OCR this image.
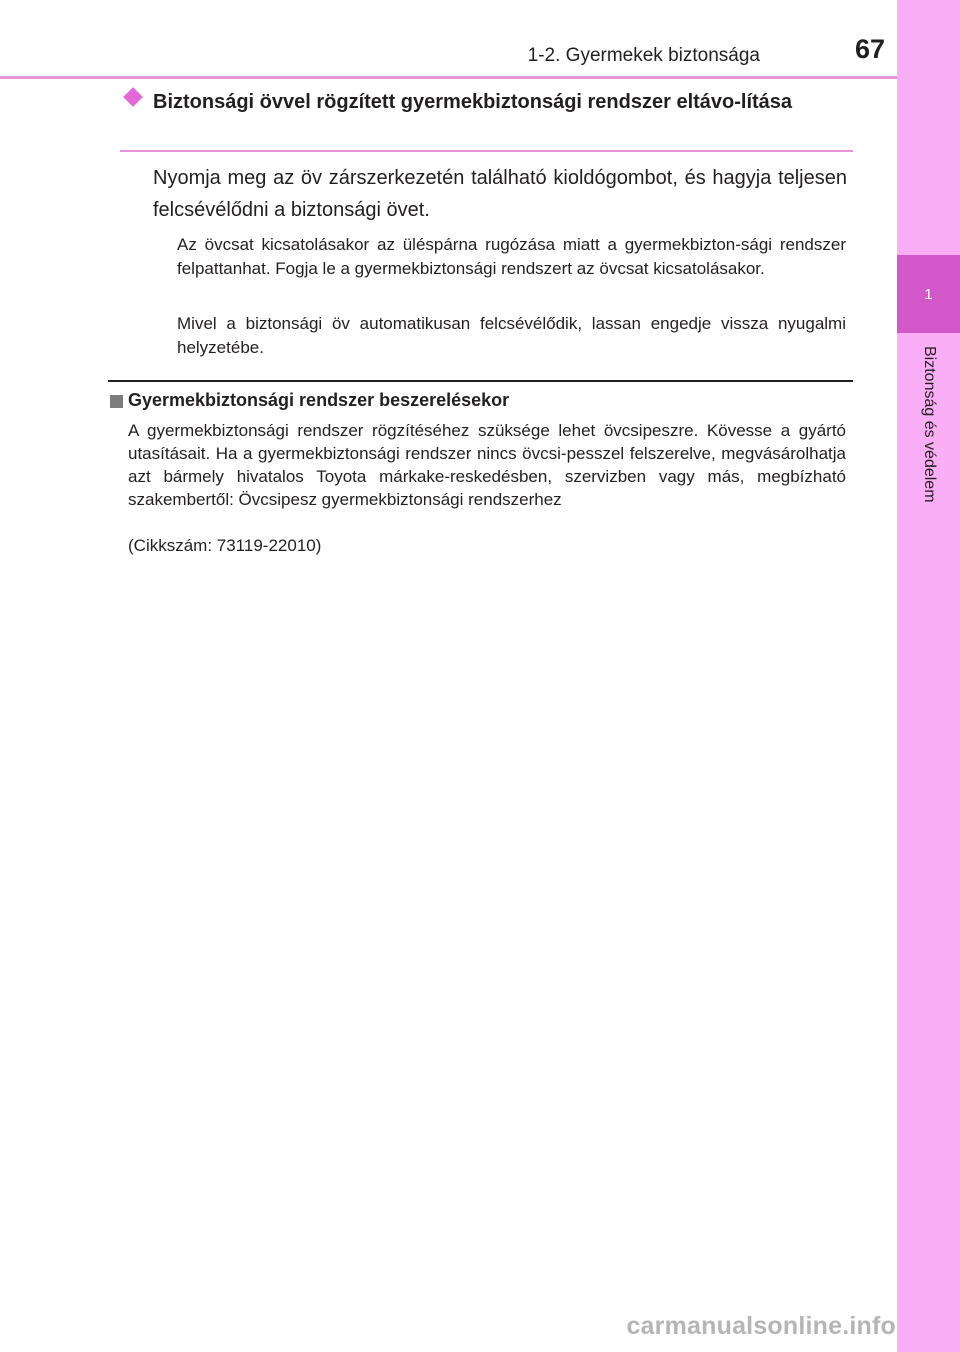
1
Biztonság és védelem
1-2. Gyermekek biztonsága	67
Biztonsági övvel rögzített gyermekbiztonsági rendszer eltávo-lítása
Nyomja meg az öv zárszerkezetén található kioldógombot, és hagyja teljesen felcsévélődni a biztonsági övet.
Az övcsat kicsatolásakor az üléspárna rugózása miatt a gyermekbizton-sági rendszer felpattanhat. Fogja le a gyermekbiztonsági rendszert az övcsat kicsatolásakor.
Mivel a biztonsági öv automatikusan felcsévélődik, lassan engedje vissza nyugalmi helyzetébe.
Gyermekbiztonsági rendszer beszerelésekor
A gyermekbiztonsági rendszer rögzítéséhez szüksége lehet övcsipeszre. Kövesse a gyártó utasításait. Ha a gyermekbiztonsági rendszer nincs övcsi-pesszel felszerelve, megvásárolhatja azt bármely hivatalos Toyota márkake-reskedésben, szervizben vagy más, megbízható szakembertől: Övcsipesz gyermekbiztonsági rendszerhez
(Cikkszám: 73119-22010)
carmanualsonline.info
